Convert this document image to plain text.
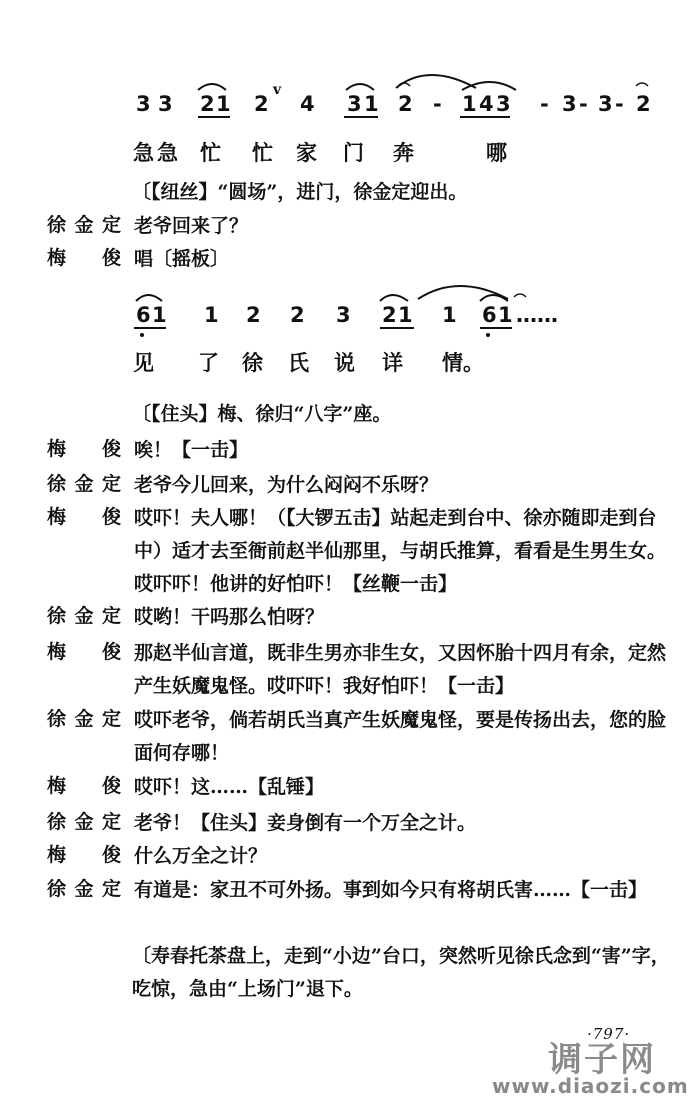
3 3 2 1 2
v
4 3 1 2 - 1 4 3 - 3 - 3 - 2
急 急 忙 忙 家 门 奔	哪
〔【纽丝】“圆场”，进门，徐金定迎出。
徐金定 老爷回来了？
梅　俊 唱〔摇板〕
6 1 1 2 2 3 2 1 1 6 1 ……
见 了 徐 氏 说 详 情。
〔【住头】梅、徐归“八字”座。
梅　俊 唉！【一击】
徐金定 老爷今儿回来，为什么闷闷不乐呀？
梅　俊 哎吓！夫人哪！（【大锣五击】站起走到台中、徐亦随即走到台中）适才去至衙前赵半仙那里，与胡氏推算，看看是生男生女。哎吓吓！他讲的好怕吓！【丝鞭一击】
徐金定 哎哟！干吗那么怕呀？
梅　俊 那赵半仙言道，既非生男亦非生女，又因怀胎十四月有余，定然产生妖魔鬼怪。哎吓吓！我好怕吓！【一击】
徐金定 哎吓老爷，倘若胡氏当真产生妖魔鬼怪，要是传扬出去，您的脸面何存哪！
梅　俊 哎吓！这……【乱锤】
徐金定 老爷！【住头】妾身倒有一个万全之计。
梅　俊 什么万全之计？
徐金定 有道是：家丑不可外扬。事到如今只有将胡氏害……【一击】
〔寿春托茶盘上，走到“小边”台口，突然听见徐氏念到“害”字，吃惊，急由“上场门”退下。
·797·
调子网
www.diaozi.com
